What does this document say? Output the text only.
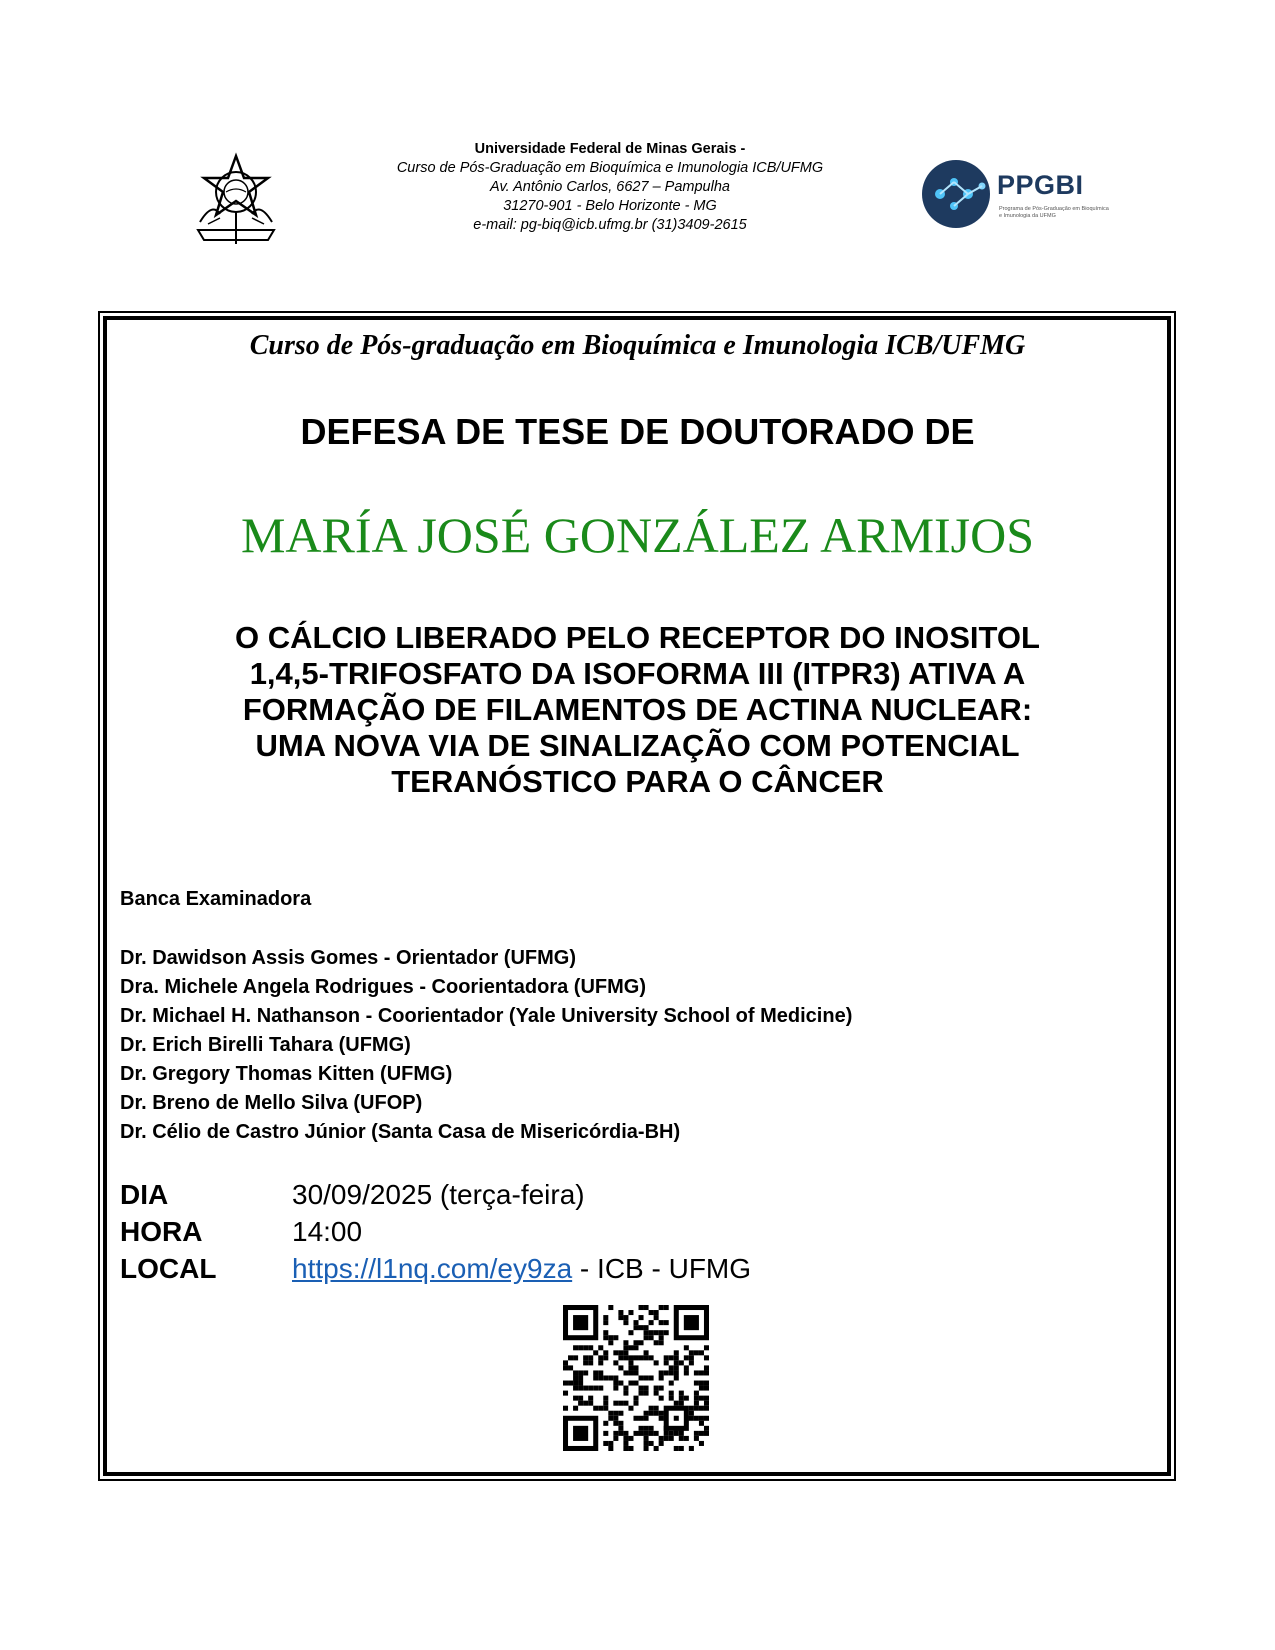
Universidade Federal de Minas Gerais -
Curso de Pós-Graduação em Bioquímica e Imunologia ICB/UFMG
Av. Antônio Carlos, 6627 – Pampulha
31270-901 - Belo Horizonte - MG
e-mail: pg-biq@icb.ufmg.br (31)3409-2615
PPGBI
Programa de Pós-Graduação em Bioquímica e Imunologia da UFMG
Curso de Pós-graduação em Bioquímica e Imunologia ICB/UFMG
DEFESA DE TESE DE DOUTORADO DE
MARÍA JOSÉ GONZÁLEZ ARMIJOS
O CÁLCIO LIBERADO PELO RECEPTOR DO INOSITOL
1,4,5-TRIFOSFATO DA ISOFORMA III (ITPR3) ATIVA A
FORMAÇÃO DE FILAMENTOS DE ACTINA NUCLEAR:
UMA NOVA VIA DE SINALIZAÇÃO COM POTENCIAL
TERANÓSTICO PARA O CÂNCER
Banca Examinadora
Dr. Dawidson Assis Gomes - Orientador (UFMG)
Dra. Michele Angela Rodrigues - Coorientadora (UFMG)
Dr. Michael H. Nathanson - Coorientador (Yale University School of Medicine)
Dr. Erich Birelli Tahara (UFMG)
Dr. Gregory Thomas Kitten (UFMG)
Dr. Breno de Mello Silva (UFOP)
Dr. Célio de Castro Júnior (Santa Casa de Misericórdia-BH)
DIA	30/09/2025 (terça-feira)
HORA	14:00
LOCAL	https://l1nq.com/ey9za - ICB - UFMG
